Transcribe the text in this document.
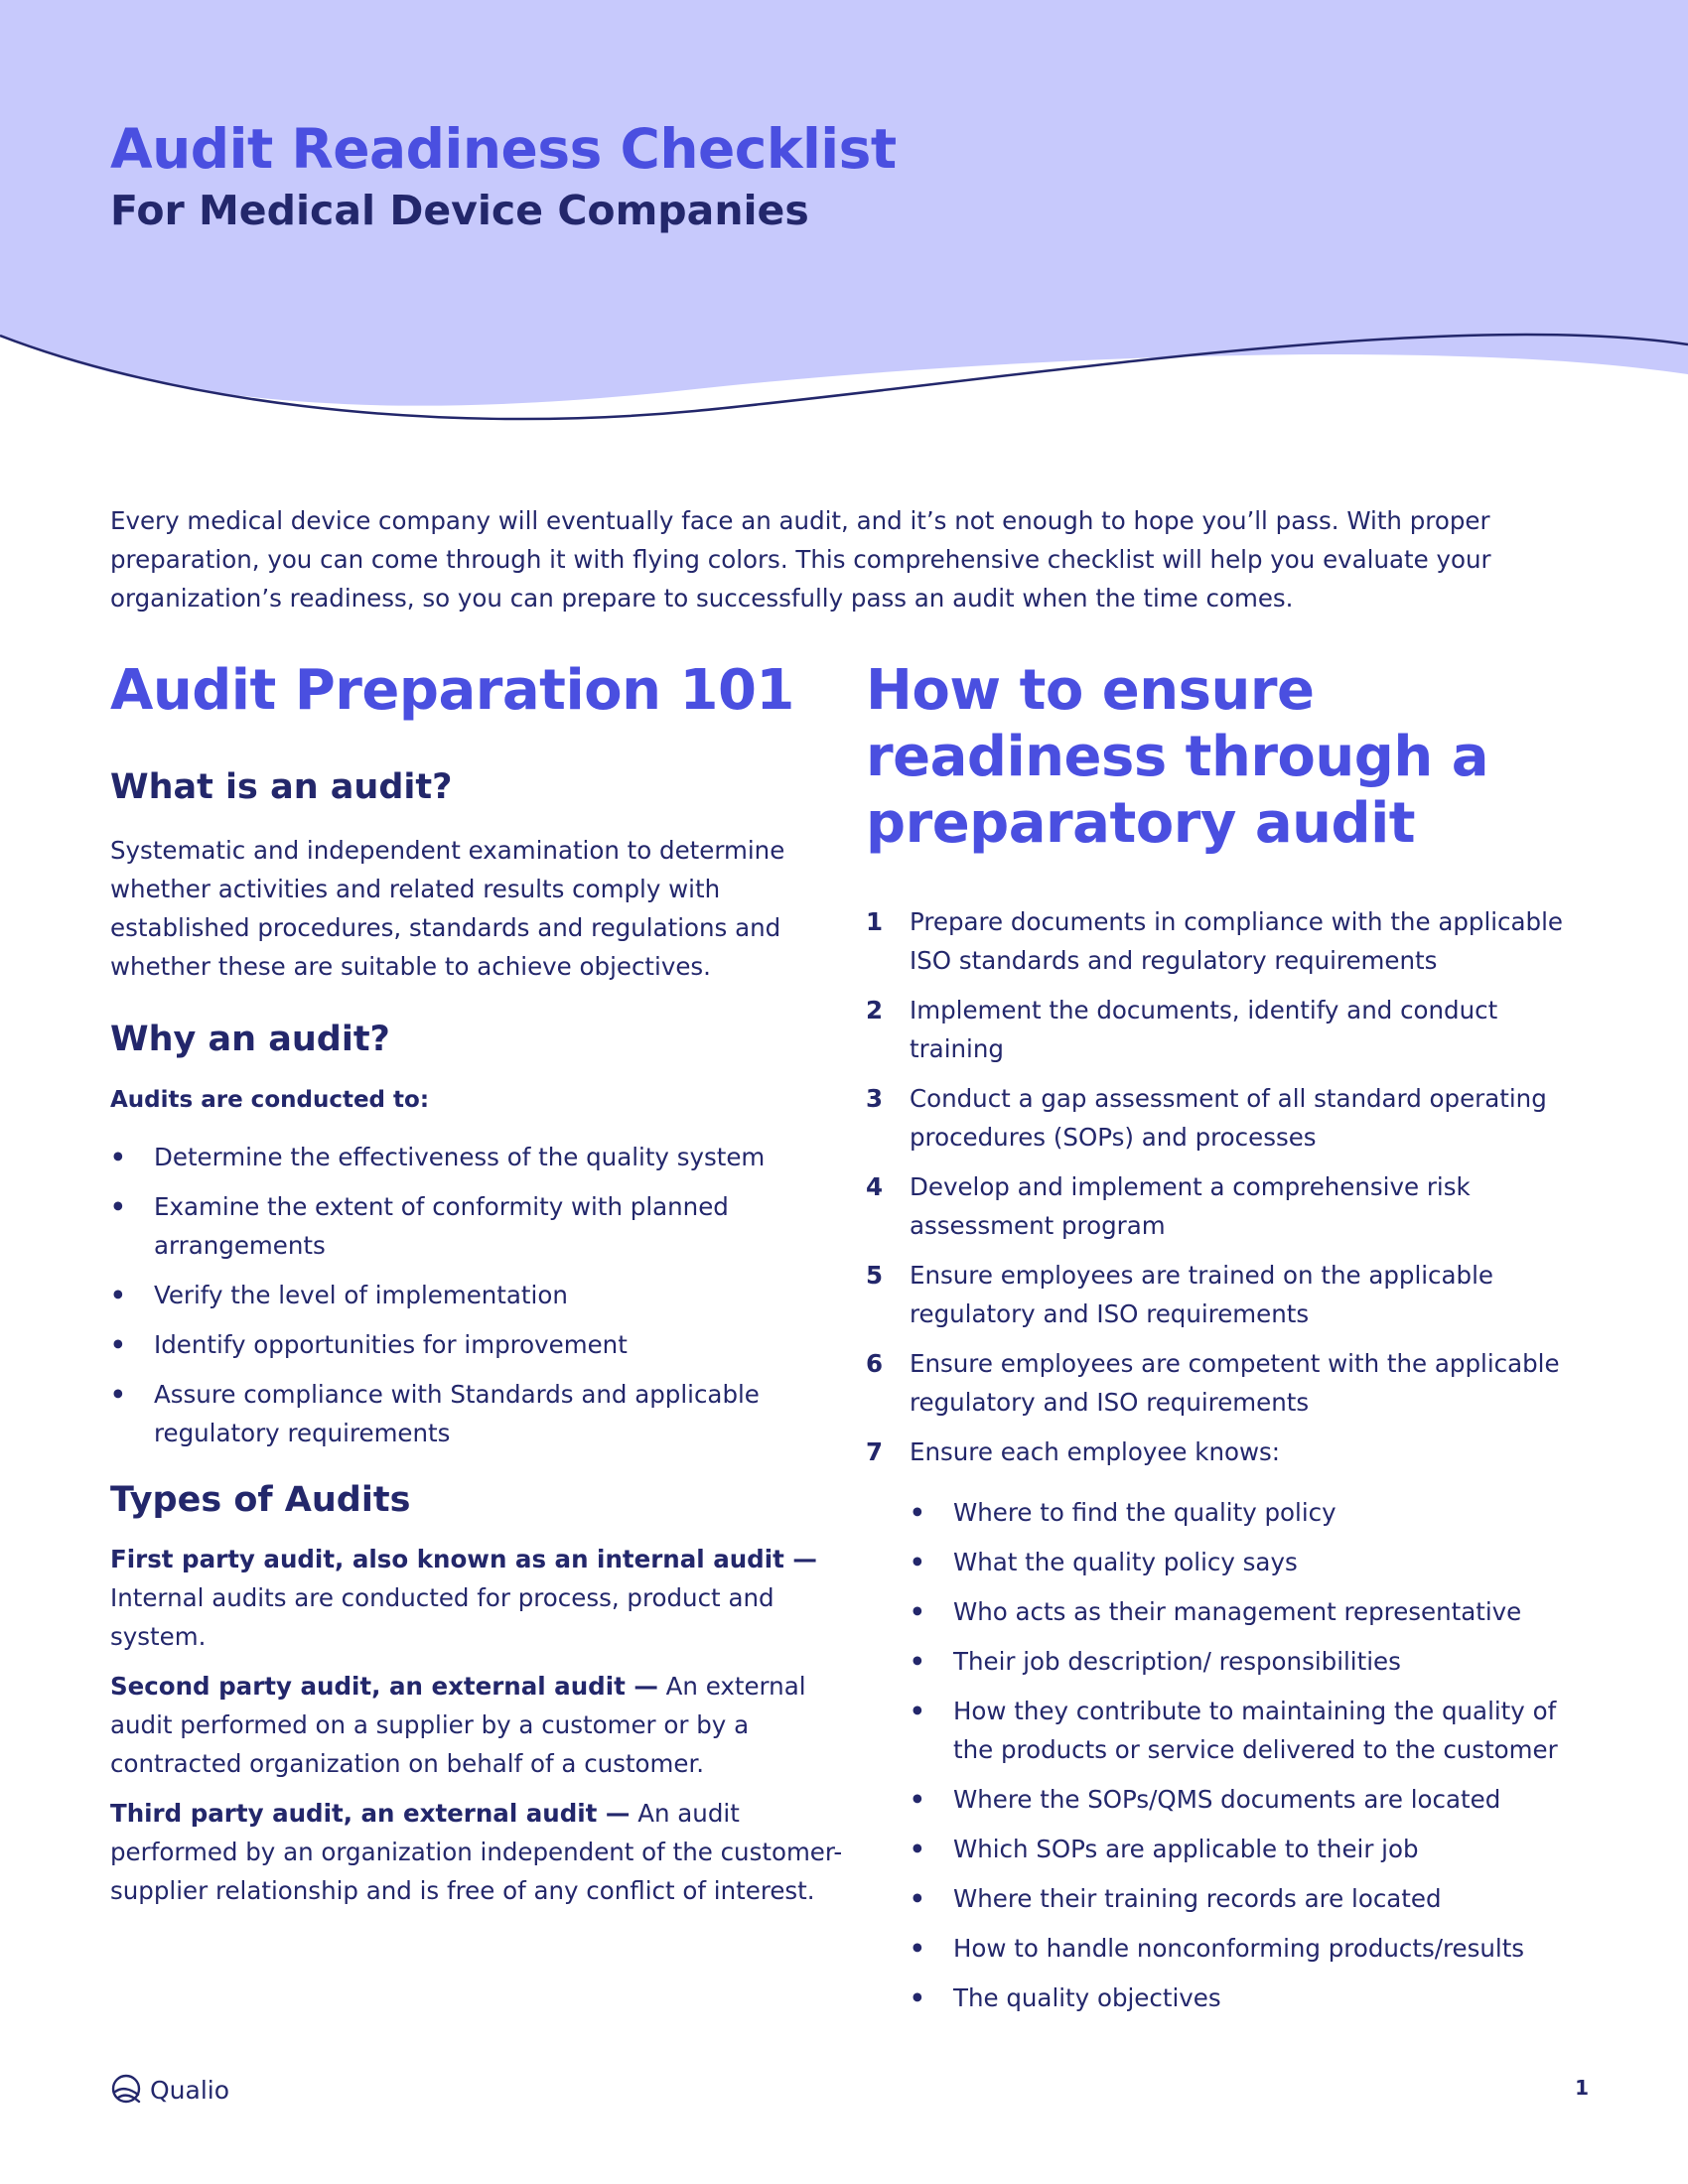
Audit Readiness Checklist
For Medical Device Companies

Every medical device company will eventually face an audit, and it’s not enough to hope you’ll pass. With proper preparation, you can come through it with flying colors. This comprehensive checklist will help you evaluate your organization’s readiness, so you can prepare to successfully pass an audit when the time comes.

Audit Preparation 101
What is an audit?

Systematic and independent examination to determine whether activities and related results comply with established procedures, standards and regulations and whether these are suitable to achieve objectives.

Why an audit?

Audits are conducted to:

• Determine the effectiveness of the quality system
• Examine the extent of conformity with planned arrangements
• Verify the level of implementation
• Identify opportunities for improvement
• Assure compliance with Standards and applicable regulatory requirements
Types of Audits

First party audit, also known as an internal audit — Internal audits are conducted for process, product and system.

Second party audit, an external audit — An external audit performed on a supplier by a customer or by a contracted organization on behalf of a customer.

Third party audit, an external audit — An audit performed by an organization independent of the customer-supplier relationship and is free of any conflict of interest.

How to ensure readiness through a preparatory audit
1 Prepare documents in compliance with the applicable ISO standards and regulatory requirements
2 Implement the documents, identify and conduct training
3 Conduct a gap assessment of all standard operating procedures (SOPs) and processes
4 Develop and implement a comprehensive risk assessment program
5 Ensure employees are trained on the applicable regulatory and ISO requirements
6 Ensure employees are competent with the applicable regulatory and ISO requirements
7 Ensure each employee knows:
• Where to find the quality policy
• What the quality policy says
• Who acts as their management representative
• Their job description/ responsibilities
• How they contribute to maintaining the quality of the products or service delivered to the customer
• Where the SOPs/QMS documents are located
• Which SOPs are applicable to their job
• Where their training records are located
• How to handle nonconforming products/results
• The quality objectives
Qualio	1
